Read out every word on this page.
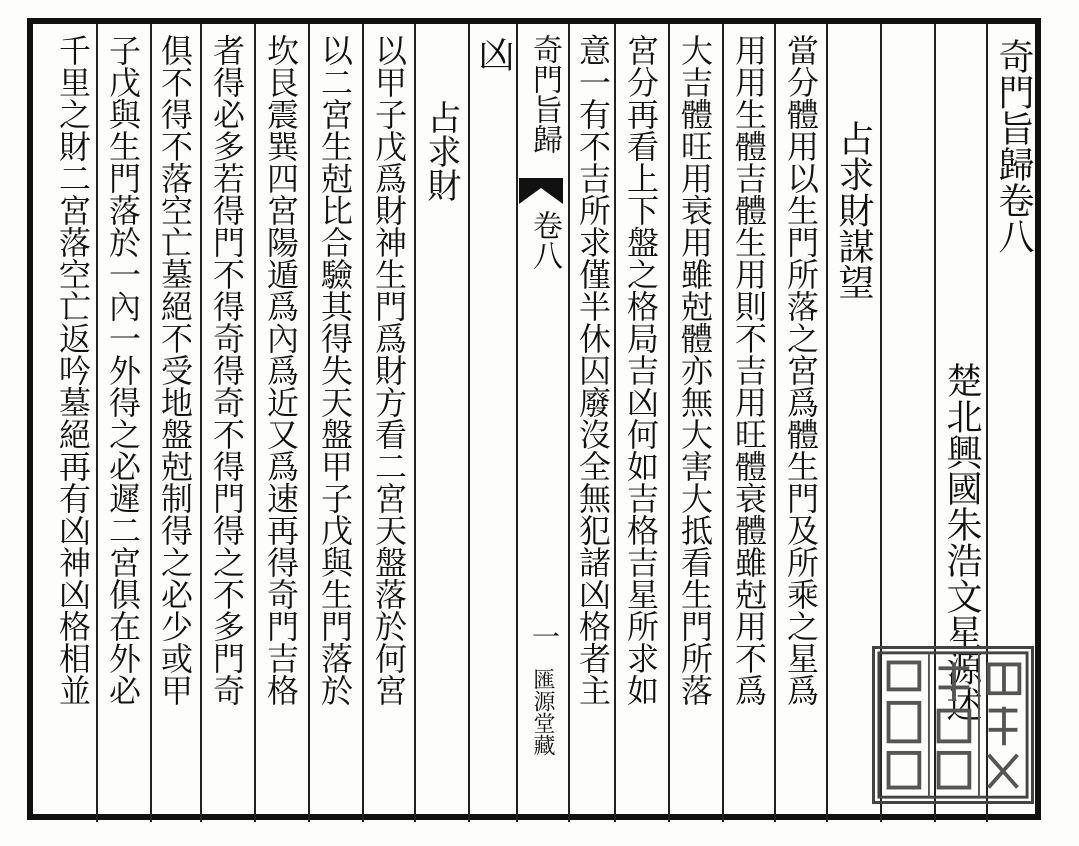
奇門旨歸卷八
楚北興國朱浩文星源述
占求財謀望
當分體用以生門所落之宮爲體生門及所乘之星爲
用用生體吉體生用則不吉用旺體衰體雖尅用不爲
大吉體旺用衰用雖尅體亦無大害大抵看生門所落
宮分再看上下盤之格局吉凶何如吉格吉星所求如
意一有不吉所求僅半休囚廢沒全無犯諸凶格者主
奇門旨歸
卷八
一
匯源堂藏
凶
占求財
以甲子戊爲財神生門爲財方看二宮天盤落於何宮
以二宮生尅比合驗其得失天盤甲子戊與生門落於
坎艮震巽四宮陽遁爲內爲近又爲速再得奇門吉格
者得必多若得門不得奇得奇不得門得之不多門奇
俱不得不落空亡墓絕不受地盤尅制得之必少或甲
子戊與生門落於一內一外得之必遲二宮俱在外必
千里之財二宮落空亡返吟墓絕再有凶神凶格相並
